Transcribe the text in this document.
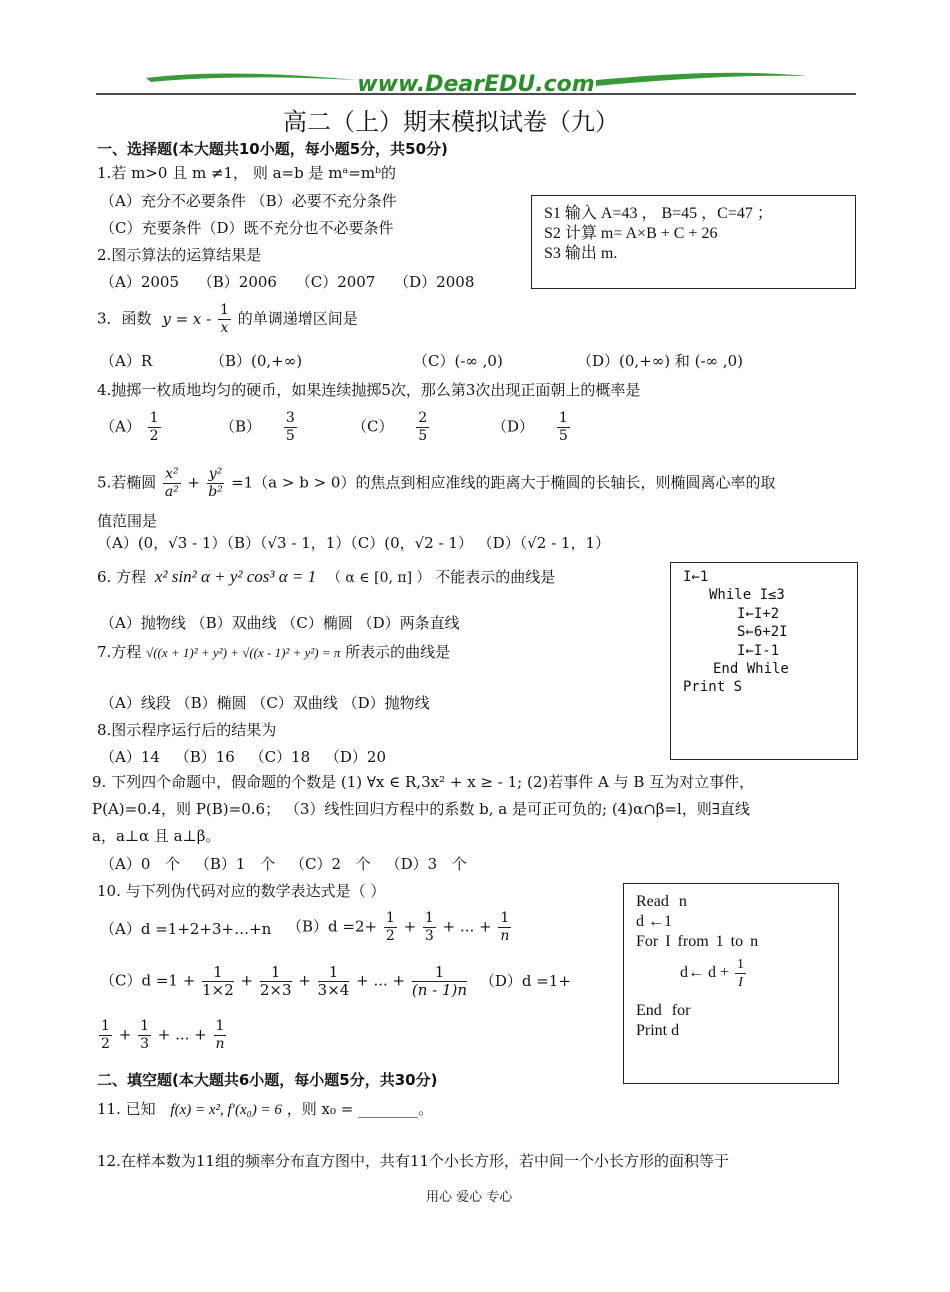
www.DearEDU.com
高二（上）期末模拟试卷（九）
一、选择题(本大题共10小题，每小题5分，共50分)
1.若 m>0 且 m ≠1， 则 a=b 是 mᵃ=mᵇ的
（A）充分不必要条件 （B）必要不充分条件
（C）充要条件（D）既不充分也不必要条件
S1 输入 A=43 ， B=45 ，C=47 ；
S2 计算 m= A×B + C + 26
S3 输出 m.
2.图示算法的运算结果是
（A）2005 （B）2006 （C）2007 （D）2008
3．函数 $y = x - \frac{1}{x}$ 的单调递增区间是
（A）R	（B）(0,+∞)	（C）(-∞ ,0)	（D）(0,+∞) 和 (-∞ ,0)
4.抛掷一枚质地均匀的硬币，如果连续抛掷5次，那么第3次出现正面朝上的概率是
$(A) \frac{1}{2}$	$(B) \frac{3}{5}$	$(C) \frac{2}{5}$	$(D) \frac{1}{5}$
5.若椭圆 $\frac{\text{x²}}{\text{a²}} + \frac{\text{y²}}{\text{b²}} =1(a > b > 0)$的焦点到相应准线的距离大于椭圆的长轴长，则椭圆离心率的取
值范围是
（A）(0，√3 - 1）（B）（√3 - 1，1）（C）(0，√2 - 1） （D）（√2 - 1，1）
6. 方程 x² sin² α + y² cos³ α = 1 （ α ∈ [0, π] ） 不能表示的曲线是
（A）抛物线 （B）双曲线 （C）椭圆 （D）两条直线
I←1
While I≤3
I←I+2
S←6+2I
I←I-1
End While
Print S
7.方程 √((x + 1)² + y²) + √((x - 1)² + y²) = π 所表示的曲线是
（A）线段 （B）椭圆 （C）双曲线 （D）抛物线
8.图示程序运行后的结果为
（A）14 （B）16 （C）18 （D）20
9. 下列四个命题中，假命题的个数是 (1) ∀x ∈ R,3x² + x ≥ - 1; (2)若事件 A 与 B 互为对立事件，
P(A)=0.4，则 P(B)=0.6； （3）线性回归方程中的系数 b, a 是可正可负的; (4)α∩β=l，则∃直线
a，a⊥α 且 a⊥β。
（A）0 个 （B）1 个 （C）2 个 （D）3 个
10. 与下列伪代码对应的数学表达式是（ ）
（A）d =1+2+3+…+n $(B)d =2+ \frac{1}{2} + \frac{1}{3}$ + ... + $\frac{1}{n}$
$(C)d =1 + \frac{1}{1\times 2} + \frac{1}{2\times 3} + \frac{1}{3\times 4}$ + ... + $\frac{1}{(n - 1)n} (D)d =1+$
$\frac{1}{2} + \frac{1}{3}$ + ... + $\frac{1}{n}$
Read n
d ←1
For I from 1 to n
d← $d + \frac{1}{I}$
End for
Print d
二、填空题(本大题共6小题，每小题5分，共30分)
11. 已知 f(x) = x², f′(x₀) = 6 ，则 x₀ = ________。
12.在样本数为11组的频率分布直方图中，共有11个小长方形，若中间一个小长方形的面积等于
用心 爱心 专心
